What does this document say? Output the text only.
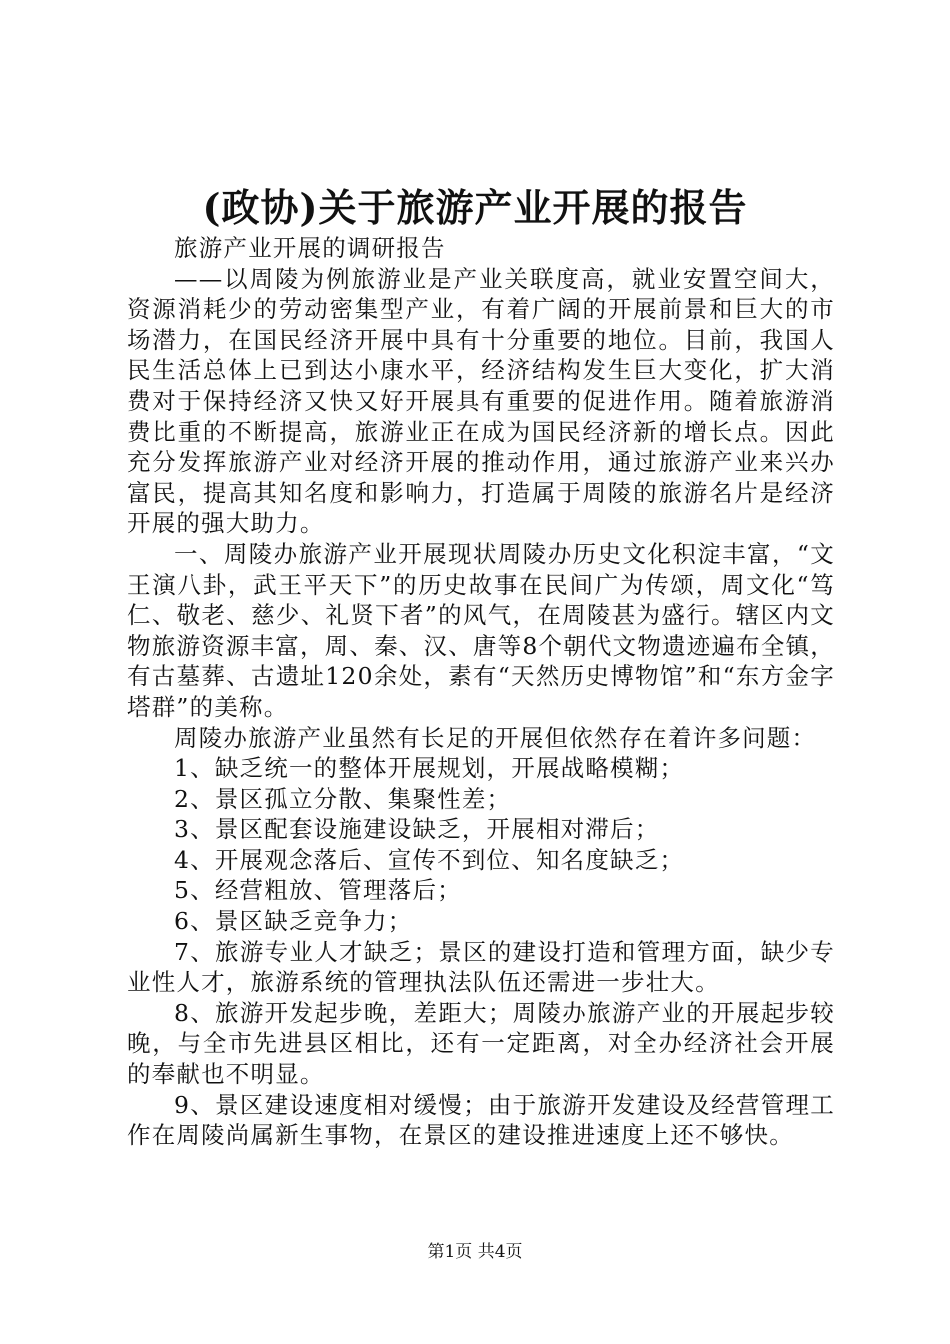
(政协)关于旅游产业开展的报告

旅游产业开展的调研报告

——以周陵为例旅游业是产业关联度高，就业安置空间大，资源消耗少的劳动密集型产业，有着广阔的开展前景和巨大的市场潜力，在国民经济开展中具有十分重要的地位。目前，我国人民生活总体上已到达小康水平，经济结构发生巨大变化，扩大消费对于保持经济又快又好开展具有重要的促进作用。随着旅游消费比重的不断提高，旅游业正在成为国民经济新的增长点。因此充分发挥旅游产业对经济开展的推动作用，通过旅游产业来兴办富民，提高其知名度和影响力，打造属于周陵的旅游名片是经济开展的强大助力。

一、周陵办旅游产业开展现状周陵办历史文化积淀丰富，“文王演八卦，武王平天下”的历史故事在民间广为传颂，周文化“笃仁、敬老、慈少、礼贤下者”的风气，在周陵甚为盛行。辖区内文物旅游资源丰富，周、秦、汉、唐等8个朝代文物遗迹遍布全镇，有古墓葬、古遗址120余处，素有“天然历史博物馆”和“东方金字塔群”的美称。

周陵办旅游产业虽然有长足的开展但依然存在着许多问题：

1、缺乏统一的整体开展规划，开展战略模糊；

2、景区孤立分散、集聚性差；

3、景区配套设施建设缺乏，开展相对滞后；

4、开展观念落后、宣传不到位、知名度缺乏；

5、经营粗放、管理落后；

6、景区缺乏竞争力；

7、旅游专业人才缺乏；景区的建设打造和管理方面，缺少专业性人才，旅游系统的管理执法队伍还需进一步壮大。

8、旅游开发起步晚，差距大；周陵办旅游产业的开展起步较晚，与全市先进县区相比，还有一定距离，对全办经济社会开展的奉献也不明显。

9、景区建设速度相对缓慢；由于旅游开发建设及经营管理工作在周陵尚属新生事物，在景区的建设推进速度上还不够快。

第1页 共4页
